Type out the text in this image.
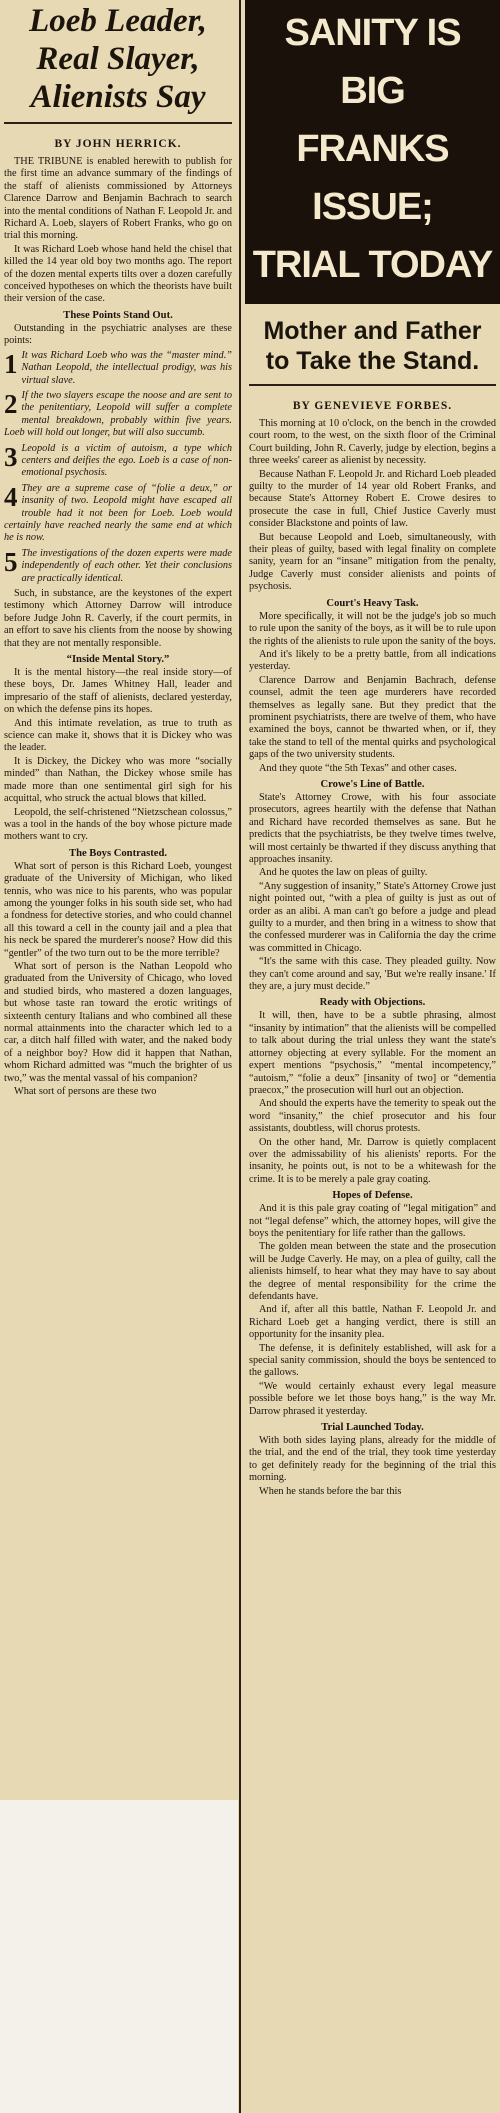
Loeb Leader,
Real Slayer,
Alienists Say
BY JOHN HERRICK.

THE TRIBUNE is enabled herewith to publish for the first time an advance summary of the findings of the staff of alienists commissioned by Attorneys Clarence Darrow and Benjamin Bachrach to search into the mental conditions of Nathan F. Leopold Jr. and Richard A. Loeb, slayers of Robert Franks, who go on trial this morning.

It was Richard Loeb whose hand held the chisel that killed the 14 year old boy two months ago. The report of the dozen mental experts tilts over a dozen carefully conceived hypotheses on which the theorists have built their version of the case.

These Points Stand Out.

Outstanding in the psychiatric analyses are these points:

1 It was Richard Loeb who was the “master mind.” Nathan Leopold, the intellectual prodigy, was his virtual slave.
2 If the two slayers escape the noose and are sent to the penitentiary, Leopold will suffer a complete mental breakdown, probably within five years. Loeb will hold out longer, but will also succumb.
3 Leopold is a victim of autoism, a type which centers and deifies the ego. Loeb is a case of non-emotional psychosis.
4 They are a supreme case of “folie a deux,” or insanity of two. Leopold might have escaped all trouble had it not been for Loeb. Loeb would certainly have reached nearly the same end at which he is now.
5 The investigations of the dozen experts were made independently of each other. Yet their conclusions are practically identical.

Such, in substance, are the keystones of the expert testimony which Attorney Darrow will introduce before Judge John R. Caverly, if the court permits, in an effort to save his clients from the noose by showing that they are not mentally responsible.

“Inside Mental Story.”

It is the mental history—the real inside story—of these boys, Dr. James Whitney Hall, leader and impresario of the staff of alienists, declared yesterday, on which the defense pins its hopes.

And this intimate revelation, as true to truth as science can make it, shows that it is Dickey who was the leader.

It is Dickey, the Dickey who was more “socially minded” than Nathan, the Dickey whose smile has made more than one sentimental girl sigh for his acquittal, who struck the actual blows that killed.

Leopold, the self-christened “Nietzschean colossus,” was a tool in the hands of the boy whose picture made mothers want to cry.

The Boys Contrasted.

What sort of person is this Richard Loeb, youngest graduate of the University of Michigan, who liked tennis, who was nice to his parents, who was popular among the younger folks in his south side set, who had a fondness for detective stories, and who could channel all this toward a cell in the county jail and a plea that his neck be spared the murderer's noose? How did this “gentler” of the two turn out to be the more terrible?

What sort of person is the Nathan Leopold who graduated from the University of Chicago, who loved and studied birds, who mastered a dozen languages, but whose taste ran toward the erotic writings of sixteenth century Italians and who combined all these normal attainments into the character which led to a car, a ditch half filled with water, and the naked body of a neighbor boy? How did it happen that Nathan, whom Richard admitted was “much the brighter of us two,” was the mental vassal of his companion?

What sort of persons are these two

SANITY IS BIG
FRANKS ISSUE;
TRIAL TODAY
Mother and Father
to Take the Stand.
BY GENEVIEVE FORBES.

This morning at 10 o'clock, on the bench in the crowded court room, to the west, on the sixth floor of the Criminal Court building, John R. Caverly, judge by election, begins a three weeks' career as alienist by necessity.

Because Nathan F. Leopold Jr. and Richard Loeb pleaded guilty to the murder of 14 year old Robert Franks, and because State's Attorney Robert E. Crowe desires to prosecute the case in full, Chief Justice Caverly must consider Blackstone and points of law.

But because Leopold and Loeb, simultaneously, with their pleas of guilty, based with legal finality on complete sanity, yearn for an “insane” mitigation from the penalty, Judge Caverly must consider alienists and points of psychosis.

Court's Heavy Task.

More specifically, it will not be the judge's job so much to rule upon the sanity of the boys, as it will be to rule upon the rights of the alienists to rule upon the sanity of the boys.

And it's likely to be a pretty battle, from all indications yesterday.

Clarence Darrow and Benjamin Bachrach, defense counsel, admit the teen age murderers have recorded themselves as legally sane. But they predict that the prominent psychiatrists, there are twelve of them, who have examined the boys, cannot be thwarted when, or if, they take the stand to tell of the mental quirks and psychological gaps of the two university students.

And they quote “the 5th Texas” and other cases.

Crowe's Line of Battle.

State's Attorney Crowe, with his four associate prosecutors, agrees heartily with the defense that Nathan and Richard have recorded themselves as sane. But he predicts that the psychiatrists, be they twelve times twelve, will most certainly be thwarted if they discuss anything that approaches insanity.

And he quotes the law on pleas of guilty.

“Any suggestion of insanity,” State's Attorney Crowe just night pointed out, “with a plea of guilty is just as out of order as an alibi. A man can't go before a judge and plead guilty to a murder, and then bring in a witness to show that the confessed murderer was in California the day the crime was committed in Chicago.

“It's the same with this case. They pleaded guilty. Now they can't come around and say, 'But we're really insane.' If they are, a jury must decide.”

Ready with Objections.

It will, then, have to be a subtle phrasing, almost “insanity by intimation” that the alienists will be compelled to talk about during the trial unless they want the state's attorney objecting at every syllable. For the moment an expert mentions “psychosis,” “mental incompetency,” “autoism,” “folie a deux” [insanity of two] or “dementia praecox,” the prosecution will hurl out an objection.

And should the experts have the temerity to speak out the word “insanity,” the chief prosecutor and his four assistants, doubtless, will chorus protests.

On the other hand, Mr. Darrow is quietly complacent over the admissability of his alienists' reports. For the insanity, he points out, is not to be a whitewash for the crime. It is to be merely a pale gray coating.

Hopes of Defense.

And it is this pale gray coating of “legal mitigation” and not “legal defense” which, the attorney hopes, will give the boys the penitentiary for life rather than the gallows.

The golden mean between the state and the prosecution will be Judge Caverly. He may, on a plea of guilty, call the alienists himself, to hear what they may have to say about the degree of mental responsibility for the crime the defendants have.

And if, after all this battle, Nathan F. Leopold Jr. and Richard Loeb get a hanging verdict, there is still an opportunity for the insanity plea.

The defense, it is definitely established, will ask for a special sanity commission, should the boys be sentenced to the gallows.

“We would certainly exhaust every legal measure possible before we let those boys hang,” is the way Mr. Darrow phrased it yesterday.

Trial Launched Today.

With both sides laying plans, already for the middle of the trial, and the end of the trial, they took time yesterday to get definitely ready for the beginning of the trial this morning.

When he stands before the bar this
